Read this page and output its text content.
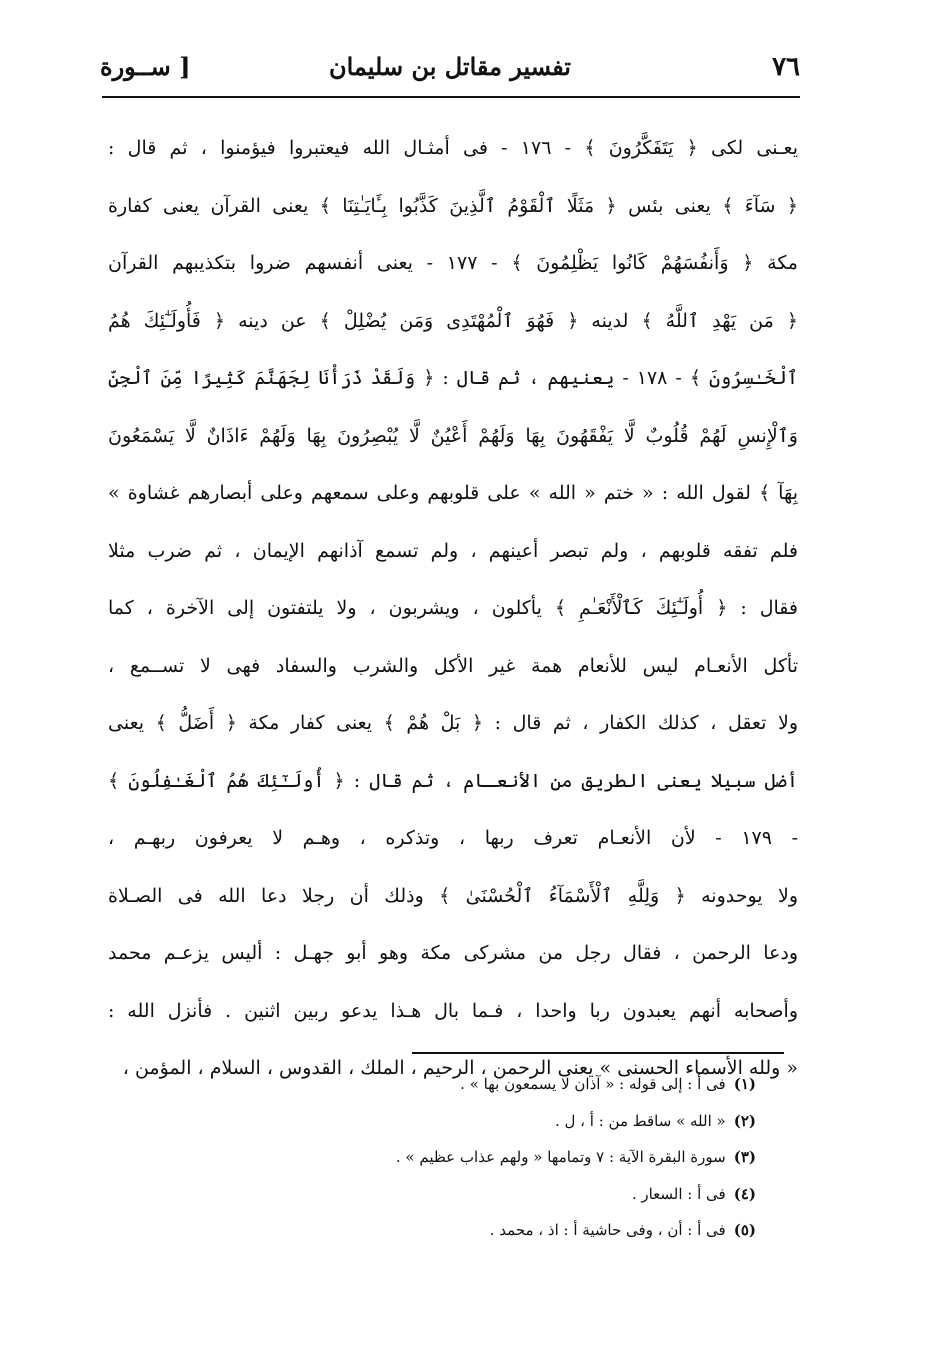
٧٦
تفسير مقاتل بن سليمان
[ ســورة
يعـنى لكى ﴿ يَتَفَكَّرُونَ ﴾ - ١٧٦ - فى أمثـال الله فيعتبروا فيؤمنوا ، ثم قال :
﴿ سَآءَ ﴾ يعنى بئس ﴿ مَثَلًا ٱلْقَوْمُ ٱلَّذِينَ كَذَّبُوا بِـَٔايَـٰتِنَا ﴾ يعنى القرآن يعنى كفارة
مكة ﴿ وَأَنفُسَهُمْ كَانُوا يَظْلِمُونَ ﴾ - ١٧٧ - يعنى أنفسهم ضروا بتكذيبهم القرآن
﴿ مَن يَهْدِ ٱللَّهُ ﴾ لدينه ﴿ فَهُوَ ٱلْمُهْتَدِى وَمَن يُضْلِلْ ﴾ عن دينه ﴿ فَأُولَـٰٓئِكَ هُمُ
ٱلْخَـٰسِرُونَ ﴾ - ١٧٨ - يعنيهم ، ثم قال : ﴿ وَلَقَدْ ذَرَأْنَا لِجَهَنَّمَ كَثِيرًا مِّنَ ٱلْجِنِّ
وَٱلْإِنسِ لَهُمْ قُلُوبٌ لَّا يَفْقَهُونَ بِهَا وَلَهُمْ أَعْيُنٌ لَّا يُبْصِرُونَ بِهَا وَلَهُمْ ءَاذَانٌ لَّا يَسْمَعُونَ
بِهَآ ﴾ لقول الله : « ختم « الله » على قلوبهم وعلى سمعهم وعلى أبصارهم غشاوة »
فلم تفقه قلوبهم ، ولم تبصر أعينهم ، ولم تسمع آذانهم الإيمان ، ثم ضرب مثلا
فقال : ﴿ أُولَـٰٓئِكَ كَٱلْأَنْعَـٰمِ ﴾ يأكلون ، ويشربون ، ولا يلتفتون إلى الآخرة ، كما
تأكل الأنعـام ليس للأنعام همة غير الأكل والشرب والسفاد فهى لا تســمع ،
ولا تعقل ، كذلك الكفار ، ثم قال : ﴿ بَلْ هُمْ ﴾ يعنى كفار مكة ﴿ أَضَلُّ ﴾ يعنى
أضل سبيلا يعنى الطريق من الأنعـام ، ثم قال : ﴿ أُولَـٰٓئِكَ هُمُ ٱلْغَـٰفِلُونَ ﴾
- ١٧٩ - لأن الأنعـام تعرف ربها ، وتذكره ، وهـم لا يعرفون ربهـم ،
ولا يوحدونه ﴿ وَلِلَّهِ ٱلْأَسْمَآءُ ٱلْحُسْنَىٰ ﴾ وذلك أن رجلا دعا الله فى الصـلاة
ودعا الرحمن ، فقال رجل من مشركى مكة وهو أبو جهـل : أليس يزعـم محمد
وأصحابه أنهم يعبدون ربا واحدا ، فـما بال هـذا يدعو ربين اثنين . فأنزل الله :
« ولله الأسماء الحسنى » يعنى الرحمن ، الرحيم ، الملك ، القدوس ، السلام ، المؤمن ،
(١)فى أ : إلى قوله : « آذان لا يسمعون بها » .
(٢)« الله » ساقط من : أ ، ل .
(٣)سورة البقرة الآية : ٧ وتمامها « ولهم عذاب عظيم » .
(٤)فى أ : السعار .
(٥)فى أ : أن ، وفى حاشية أ : اذ ، محمد .
